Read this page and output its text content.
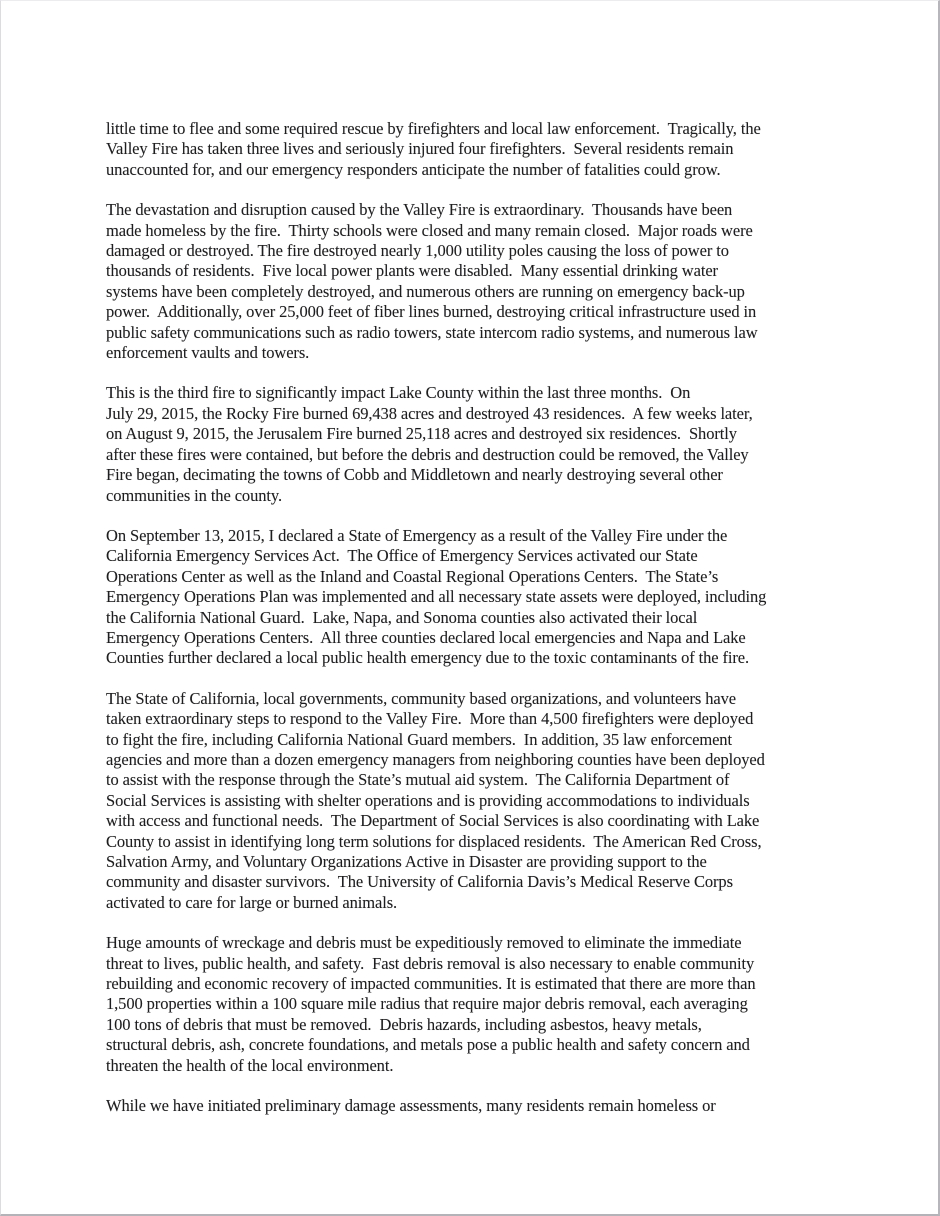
little time to flee and some required rescue by firefighters and local law enforcement.  Tragically, the
Valley Fire has taken three lives and seriously injured four firefighters.  Several residents remain
unaccounted for, and our emergency responders anticipate the number of fatalities could grow.
The devastation and disruption caused by the Valley Fire is extraordinary.  Thousands have been
made homeless by the fire.  Thirty schools were closed and many remain closed.  Major roads were
damaged or destroyed. The fire destroyed nearly 1,000 utility poles causing the loss of power to
thousands of residents.  Five local power plants were disabled.  Many essential drinking water
systems have been completely destroyed, and numerous others are running on emergency back-up
power.  Additionally, over 25,000 feet of fiber lines burned, destroying critical infrastructure used in
public safety communications such as radio towers, state intercom radio systems, and numerous law
enforcement vaults and towers.
This is the third fire to significantly impact Lake County within the last three months.  On
July 29, 2015, the Rocky Fire burned 69,438 acres and destroyed 43 residences.  A few weeks later,
on August 9, 2015, the Jerusalem Fire burned 25,118 acres and destroyed six residences.  Shortly
after these fires were contained, but before the debris and destruction could be removed, the Valley
Fire began, decimating the towns of Cobb and Middletown and nearly destroying several other
communities in the county.
On September 13, 2015, I declared a State of Emergency as a result of the Valley Fire under the
California Emergency Services Act.  The Office of Emergency Services activated our State
Operations Center as well as the Inland and Coastal Regional Operations Centers.  The State’s
Emergency Operations Plan was implemented and all necessary state assets were deployed, including
the California National Guard.  Lake, Napa, and Sonoma counties also activated their local
Emergency Operations Centers.  All three counties declared local emergencies and Napa and Lake
Counties further declared a local public health emergency due to the toxic contaminants of the fire.
The State of California, local governments, community based organizations, and volunteers have
taken extraordinary steps to respond to the Valley Fire.  More than 4,500 firefighters were deployed
to fight the fire, including California National Guard members.  In addition, 35 law enforcement
agencies and more than a dozen emergency managers from neighboring counties have been deployed
to assist with the response through the State’s mutual aid system.  The California Department of
Social Services is assisting with shelter operations and is providing accommodations to individuals
with access and functional needs.  The Department of Social Services is also coordinating with Lake
County to assist in identifying long term solutions for displaced residents.  The American Red Cross,
Salvation Army, and Voluntary Organizations Active in Disaster are providing support to the
community and disaster survivors.  The University of California Davis’s Medical Reserve Corps
activated to care for large or burned animals.
Huge amounts of wreckage and debris must be expeditiously removed to eliminate the immediate
threat to lives, public health, and safety.  Fast debris removal is also necessary to enable community
rebuilding and economic recovery of impacted communities. It is estimated that there are more than
1,500 properties within a 100 square mile radius that require major debris removal, each averaging
100 tons of debris that must be removed.  Debris hazards, including asbestos, heavy metals,
structural debris, ash, concrete foundations, and metals pose a public health and safety concern and
threaten the health of the local environment.
While we have initiated preliminary damage assessments, many residents remain homeless or
